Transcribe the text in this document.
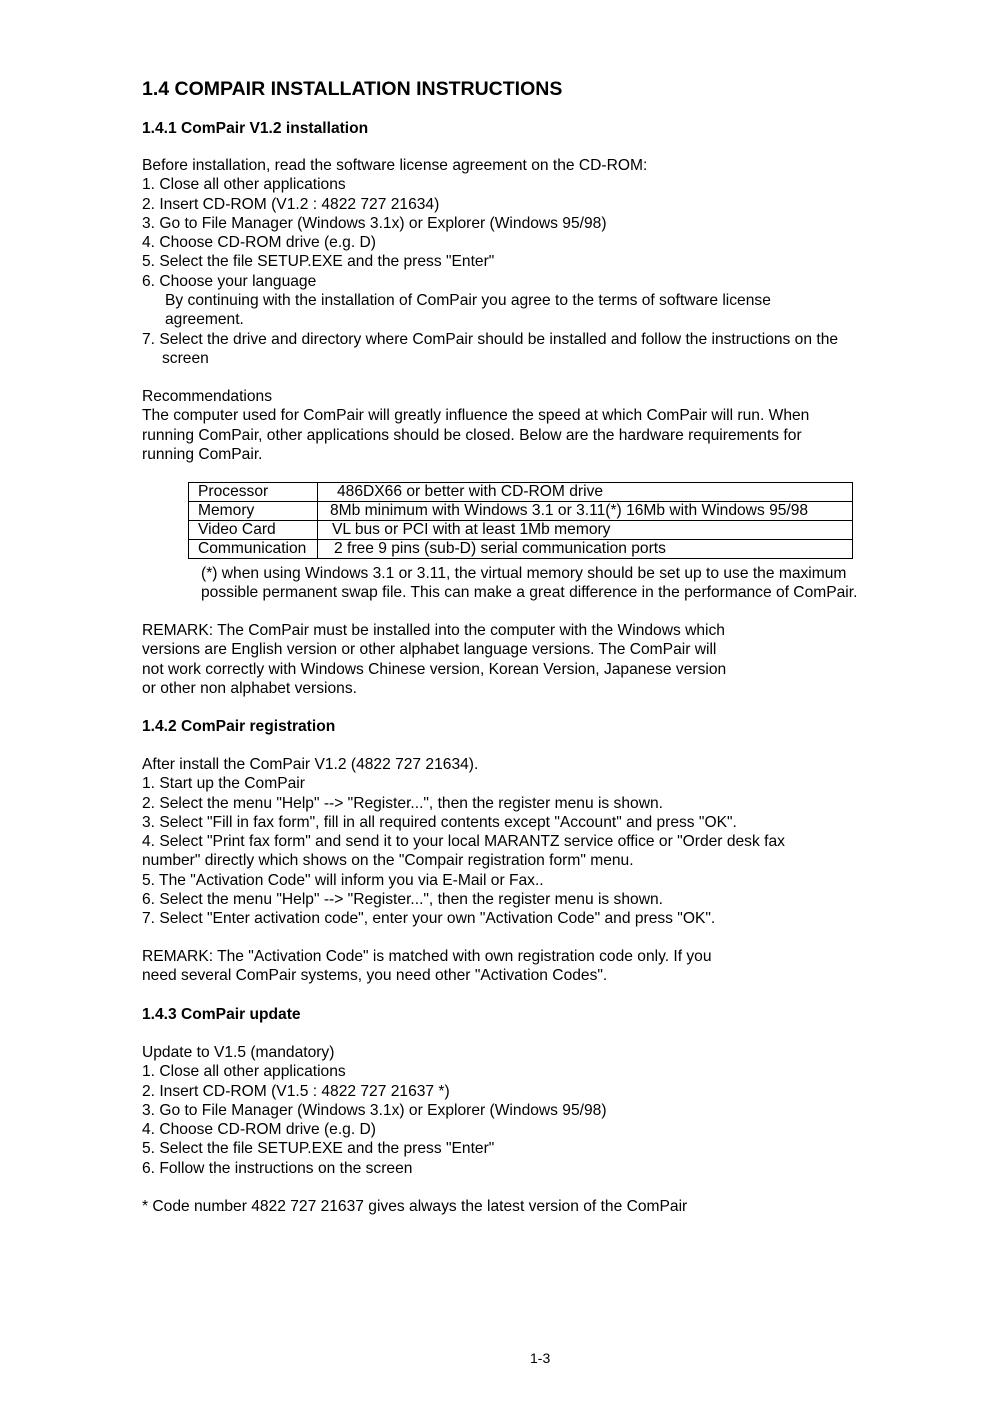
1.4 COMPAIR INSTALLATION INSTRUCTIONS
1.4.1 ComPair V1.2 installation
Before installation, read the software license agreement on the CD-ROM:
1. Close all other applications
2. Insert CD-ROM (V1.2 : 4822 727 21634)
3. Go to File Manager (Windows 3.1x) or Explorer (Windows 95/98)
4. Choose CD-ROM drive (e.g. D)
5. Select the file SETUP.EXE and the press "Enter"
6. Choose your language
By continuing with the installation of ComPair you agree to the terms of software license
agreement.
7. Select the drive and directory where ComPair should be installed and follow the instructions on the
screen
Recommendations
The computer used for ComPair will greatly influence the speed at which ComPair will run. When
running ComPair, other applications should be closed. Below are the hardware requirements for
running ComPair.
Processor	486DX66 or better with CD-ROM drive
Memory	8Mb minimum with Windows 3.1 or 3.11(*) 16Mb with Windows 95/98
Video Card	VL bus or PCI with at least 1Mb memory
Communication	2 free 9 pins (sub-D) serial communication ports
(*) when using Windows 3.1 or 3.11, the virtual memory should be set up to use the maximum
possible permanent swap file. This can make a great difference in the performance of ComPair.
REMARK: The ComPair must be installed into the computer with the Windows which
versions are English version or other alphabet language versions. The ComPair will
not work correctly with Windows Chinese version, Korean Version, Japanese version
or other non alphabet versions.
1.4.2 ComPair registration
After install the ComPair V1.2 (4822 727 21634).
1. Start up the ComPair
2. Select the menu "Help" --> "Register...", then the register menu is shown.
3. Select "Fill in fax form", fill in all required contents except "Account" and press "OK".
4. Select "Print fax form" and send it to your local MARANTZ service office or "Order desk fax
number" directly which shows on the "Compair registration form" menu.
5. The "Activation Code" will inform you via E-Mail or Fax..
6. Select the menu "Help" --> "Register...", then the register menu is shown.
7. Select "Enter activation code", enter your own "Activation Code" and press "OK".
REMARK: The "Activation Code" is matched with own registration code only. If you
need several ComPair systems, you need other "Activation Codes".
1.4.3 ComPair update
Update to V1.5 (mandatory)
1. Close all other applications
2. Insert CD-ROM (V1.5 : 4822 727 21637 *)
3. Go to File Manager (Windows 3.1x) or Explorer (Windows 95/98)
4. Choose CD-ROM drive (e.g. D)
5. Select the file SETUP.EXE and the press "Enter"
6. Follow the instructions on the screen
* Code number 4822 727 21637 gives always the latest version of the ComPair
1-3
